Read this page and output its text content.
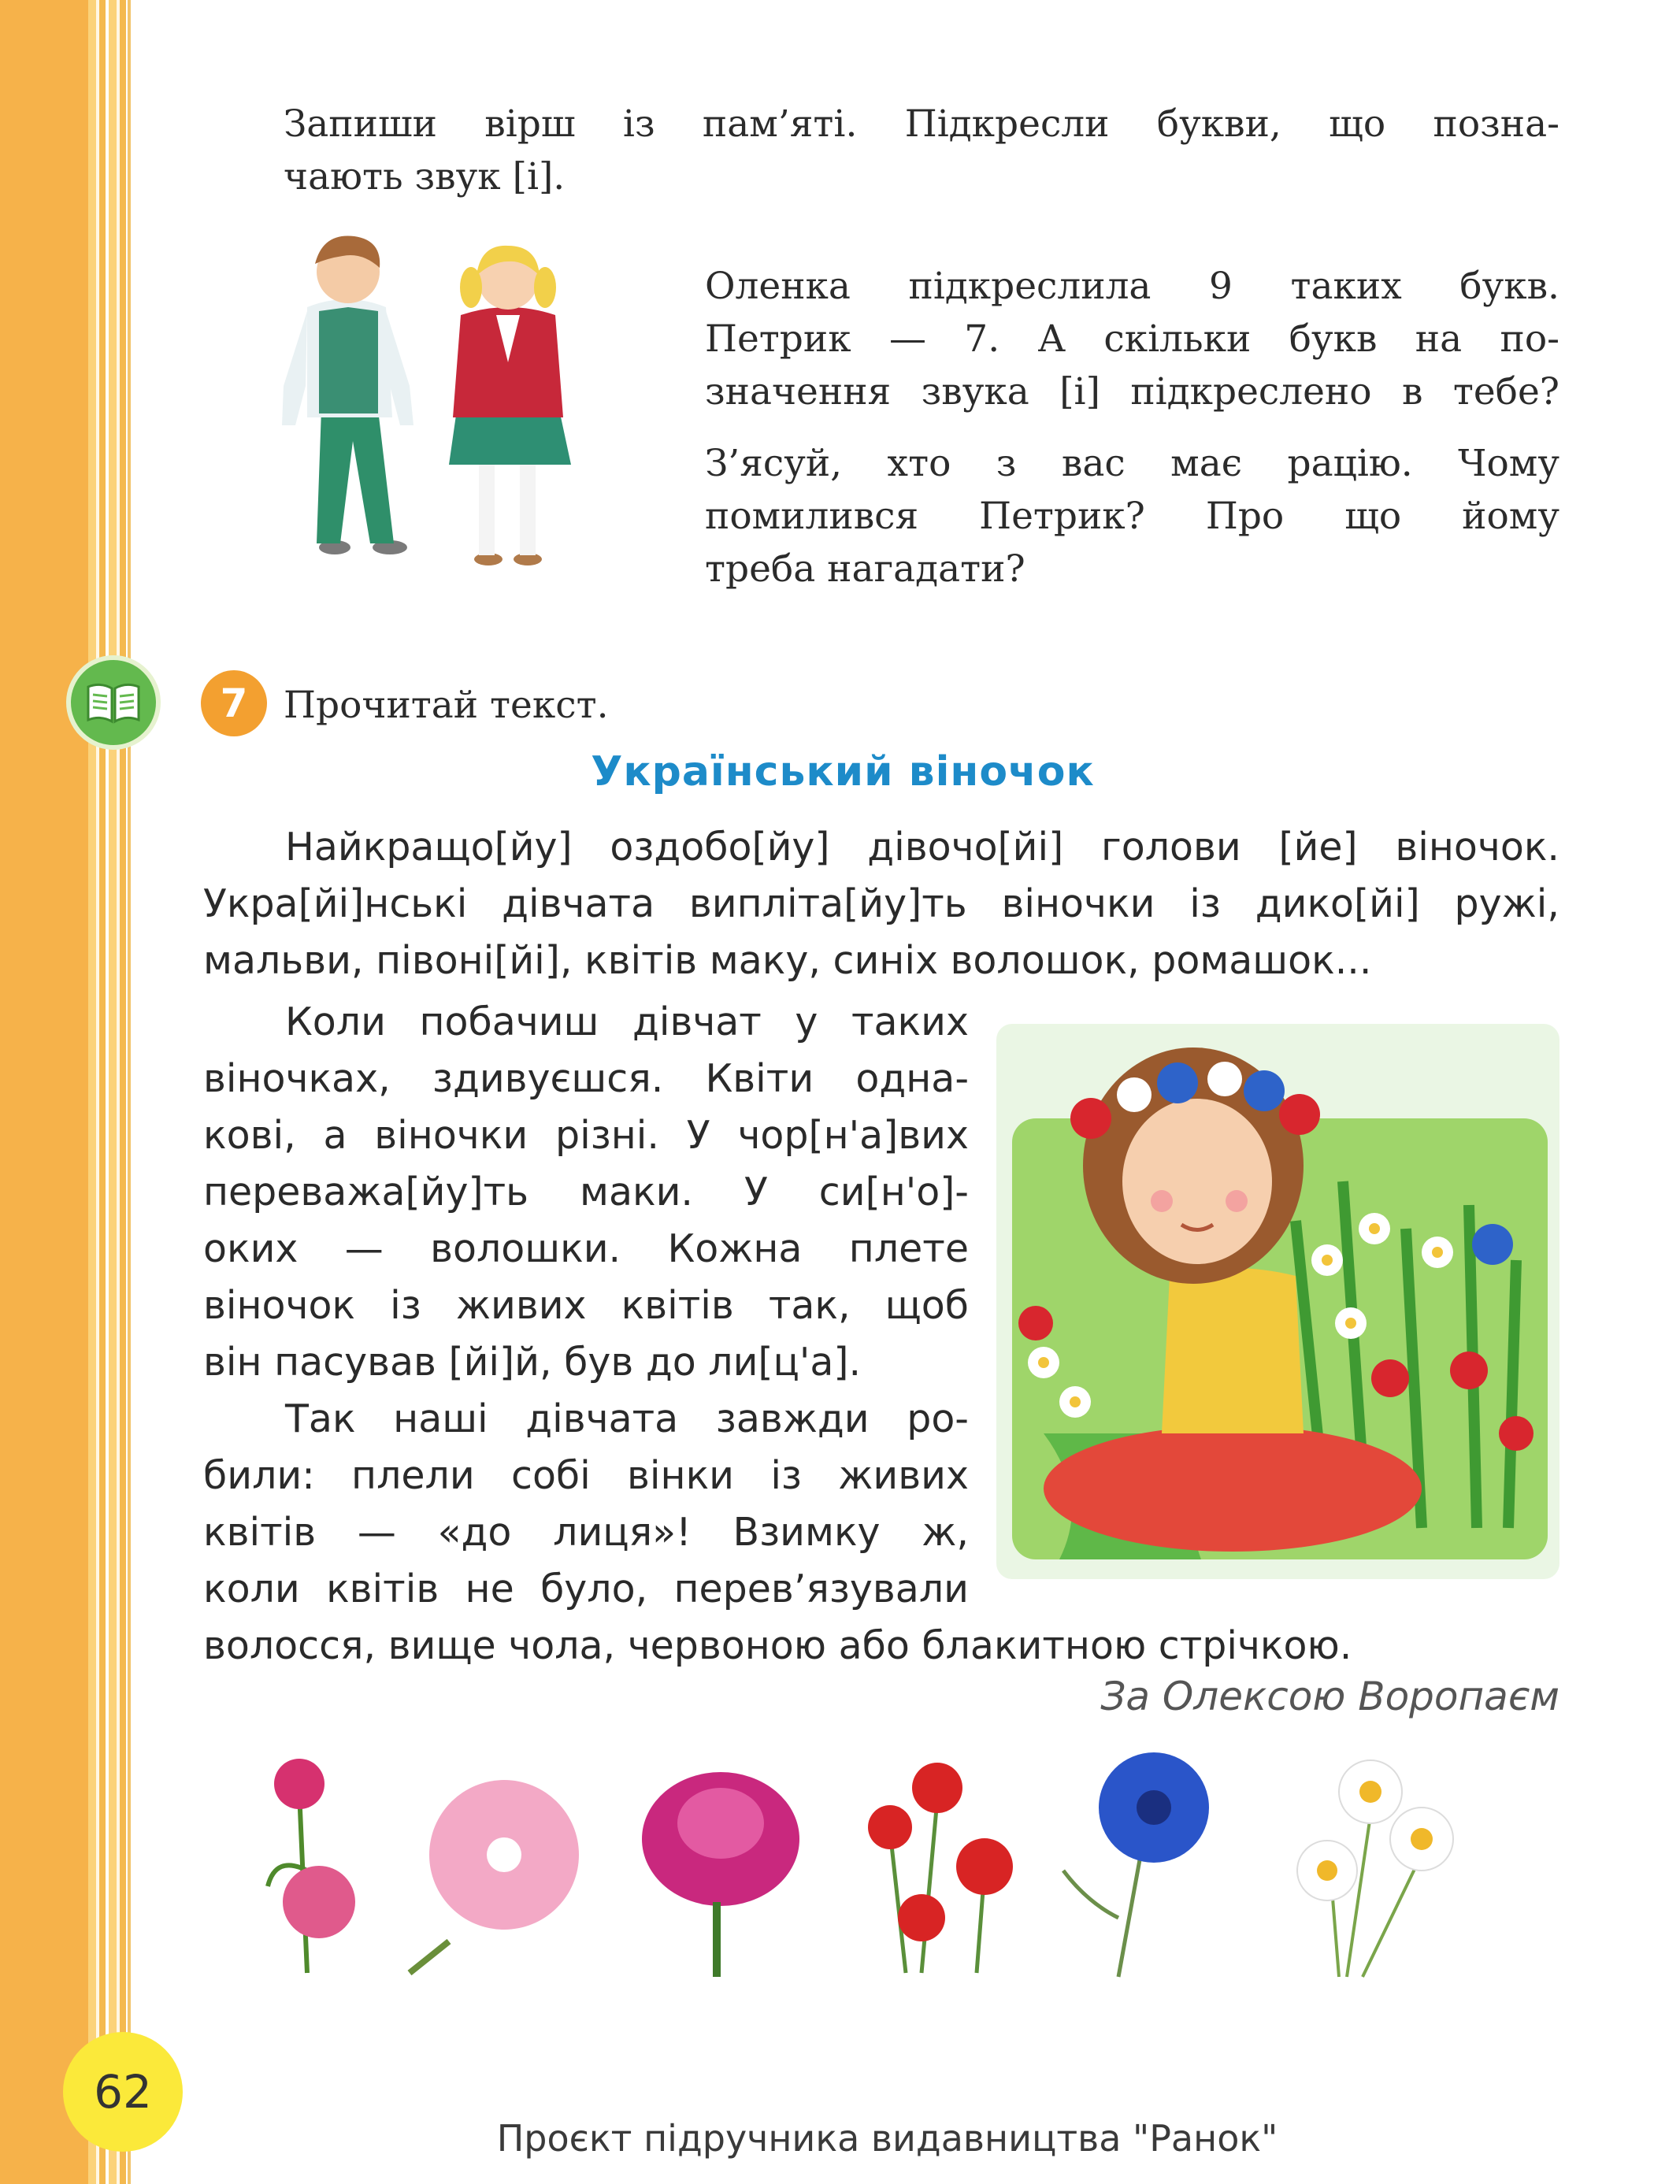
Запиши вірш із пам’яті. Підкресли букви, що позна-
чають звук [і].
Оленка підкреслила 9 таких букв.
Петрик — 7. А скільки букв на по-
значення звука [і] підкреслено в тебе?
З’ясуй, хто з вас має рацію. Чому
помилився Петрик? Про що йому
треба нагадати?
7 Прочитай текст.
Український віночок
Найкращо[йу] оздобо[йу] дівочо[йі] голови [йе] віночок.
Укра[йі]нські дівчата випліта[йу]ть віночки із дико[йі] ружі,
мальви, півоні[йі], квітів маку, синіх волошок, ромашок...
Коли побачиш дівчат у таких
віночках, здивуєшся. Квіти одна-
кові, а віночки різні. У чор[н'а]вих
переважа[йу]ть маки. У си[н'о]-
оких — волошки. Кожна плете
віночок із живих квітів так, щоб
він пасував [йі]й, був до ли[ц'а].
Так наші дівчата завжди ро-
били: плели собі вінки із живих
квітів — «до лиця»! Взимку ж,
коли квітів не було, перев’язували
волосся, вище чола, червоною або блакитною стрічкою.
За Олексою Воропаєм
62
Проєкт підручника видавництва "Ранок"
